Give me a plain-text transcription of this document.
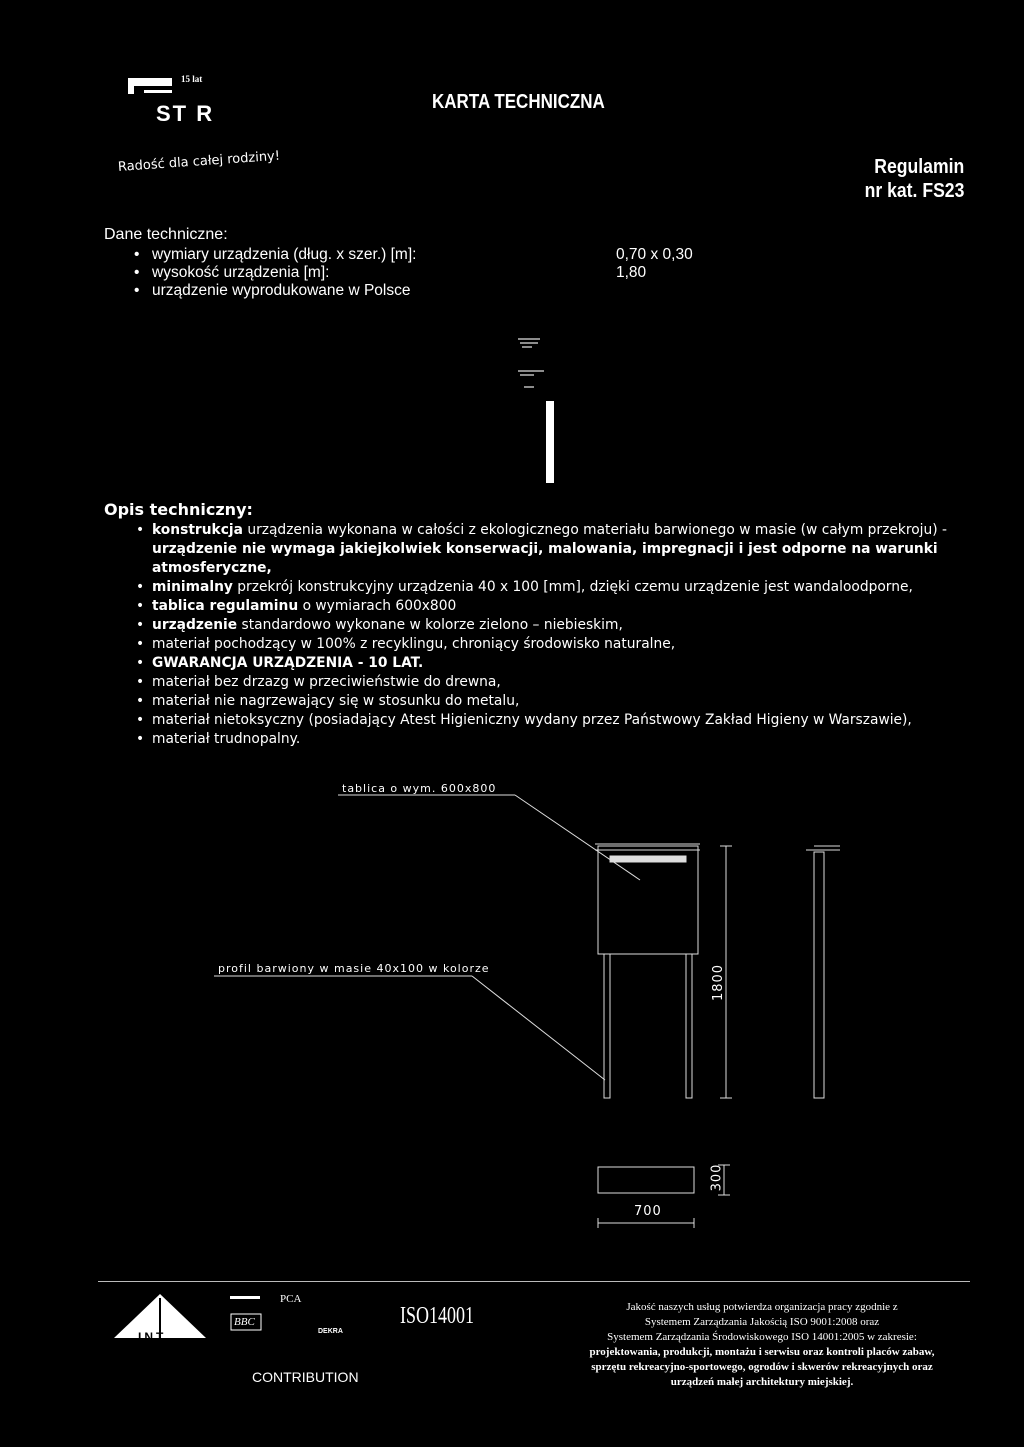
15 lat
ST R	KARTA TECHNICZNA
Radość dla całej rodziny!	Regulamin
nr kat. FS23
Dane techniczne:
• wymiary urządzenia (dług. x szer.) [m]:	0,70 x 0,30
• wysokość urządzenia [m]:	1,80
• urządzenie wyprodukowane w Polsce
Opis techniczny:
• konstrukcja urządzenia wykonana w całości z ekologicznego materiału barwionego w masie (w całym przekroju) - urządzenie nie wymaga jakiejkolwiek konserwacji, malowania, impregnacji i jest odporne na warunki atmosferyczne,
• minimalny przekrój konstrukcyjny urządzenia 40 x 100 [mm], dzięki czemu urządzenie jest wandaloodporne,
• tablica regulaminu o wymiarach 600x800
• urządzenie standardowo wykonane w kolorze zielono – niebieskim,
• materiał pochodzący w 100% z recyklingu, chroniący środowisko naturalne,
• GWARANCJA URZĄDZENIA - 10 LAT.
• materiał bez drzazg w przeciwieństwie do drewna,
• materiał nie nagrzewający się w stosunku do metalu,
• materiał nietoksyczny (posiadający Atest Higieniczny wydany przez Państwowy Zakład Higieny w Warszawie),
• materiał trudnopalny.
tablica o wym. 600x800
profil barwiony w masie 40x100 w kolorze	1800
300
700
INT
BBC
PCA
DEKRA
ISO14001
CONTRIBUTION
Jakość naszych usług potwierdza organizacja pracy zgodnie z
Systemem Zarządzania Jakością ISO 9001:2008 oraz
Systemem Zarządzania Środowiskowego ISO 14001:2005 w zakresie:
projektowania, produkcji, montażu i serwisu oraz kontroli placów zabaw,
sprzętu rekreacyjno-sportowego, ogrodów i skwerów rekreacyjnych oraz
urządzeń małej architektury miejskiej.
